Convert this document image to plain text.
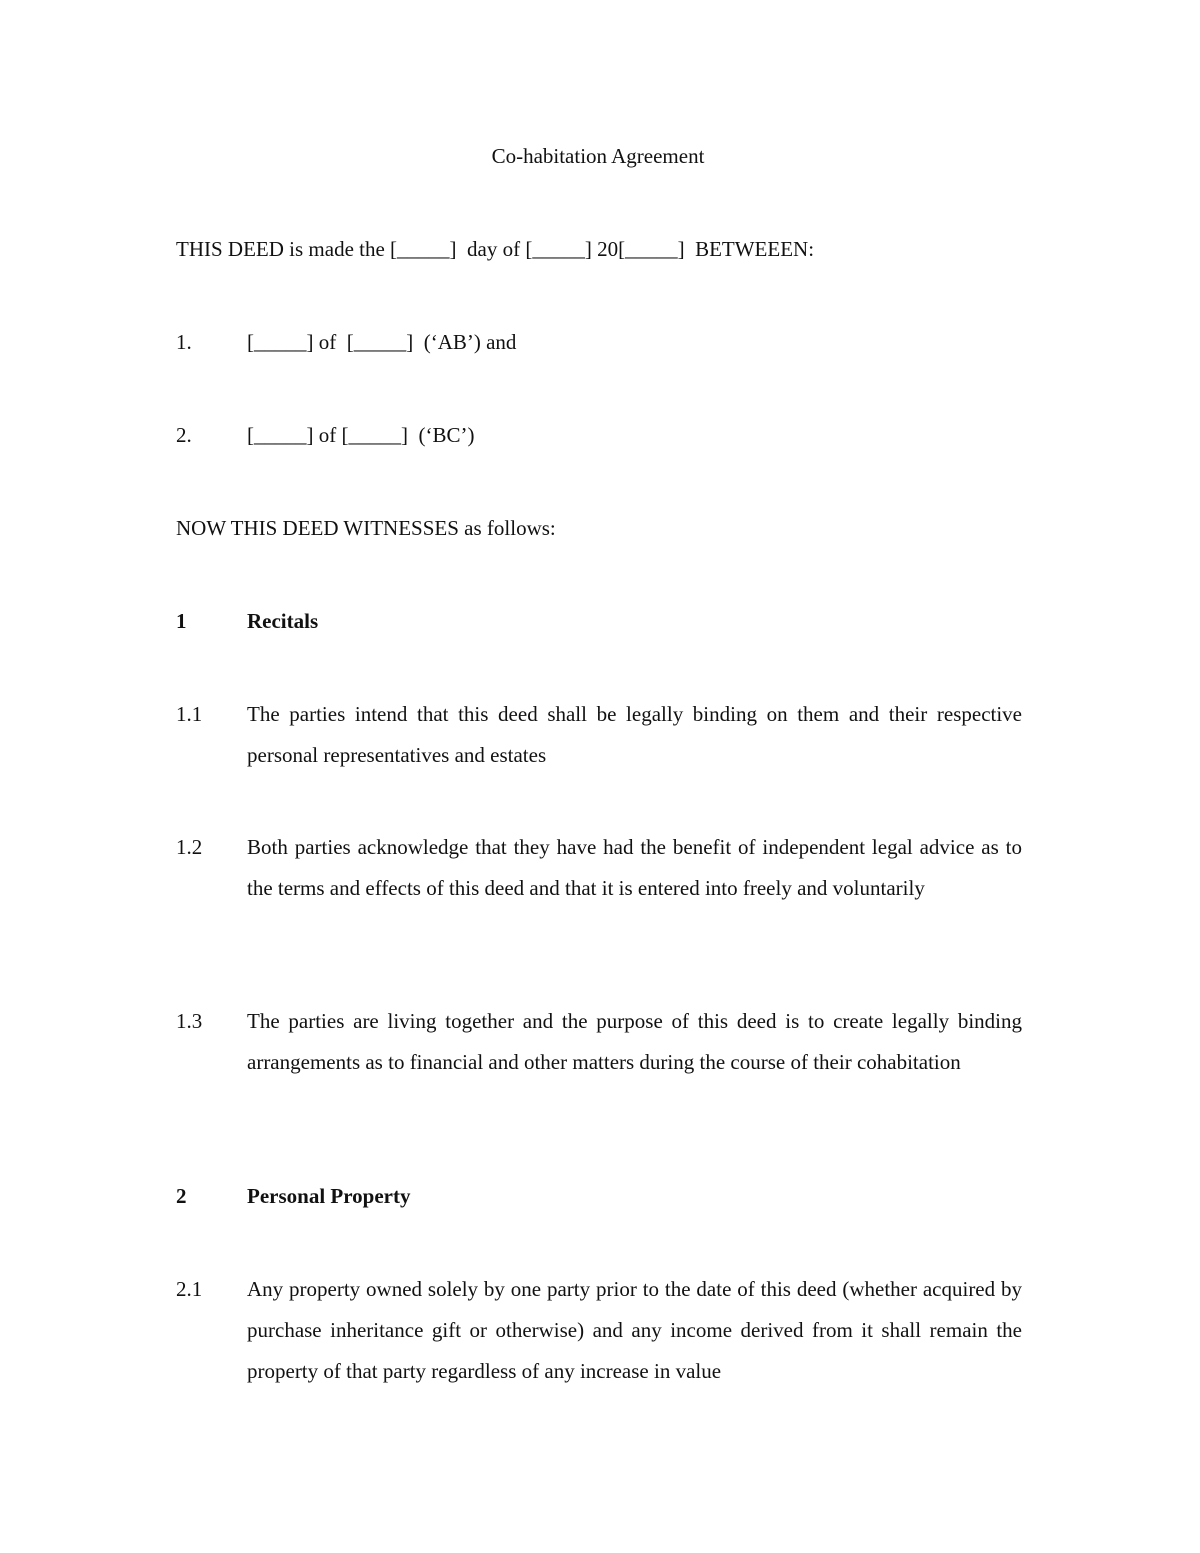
Co-habitation Agreement
THIS DEED is made the [_____]  day of [_____] 20[_____]  BETWEEEN:
1.	[_____] of  [_____]  (‘AB’) and
2.	[_____] of [_____]  (‘BC’)
NOW THIS DEED WITNESSES as follows:
1	Recitals
1.1 The parties intend that this deed shall be legally binding on them and their respective personal representatives and estates
1.2 Both parties acknowledge that they have had the benefit of independent legal advice as to the terms and effects of this deed and that it is entered into freely and voluntarily
1.3 The parties are living together and the purpose of this deed is to create legally binding arrangements as to financial and other matters during the course of their cohabitation
2	Personal Property
2.1 Any property owned solely by one party prior to the date of this deed (whether acquired by purchase inheritance gift or otherwise) and any income derived from it shall remain the property of that party regardless of any increase in value
